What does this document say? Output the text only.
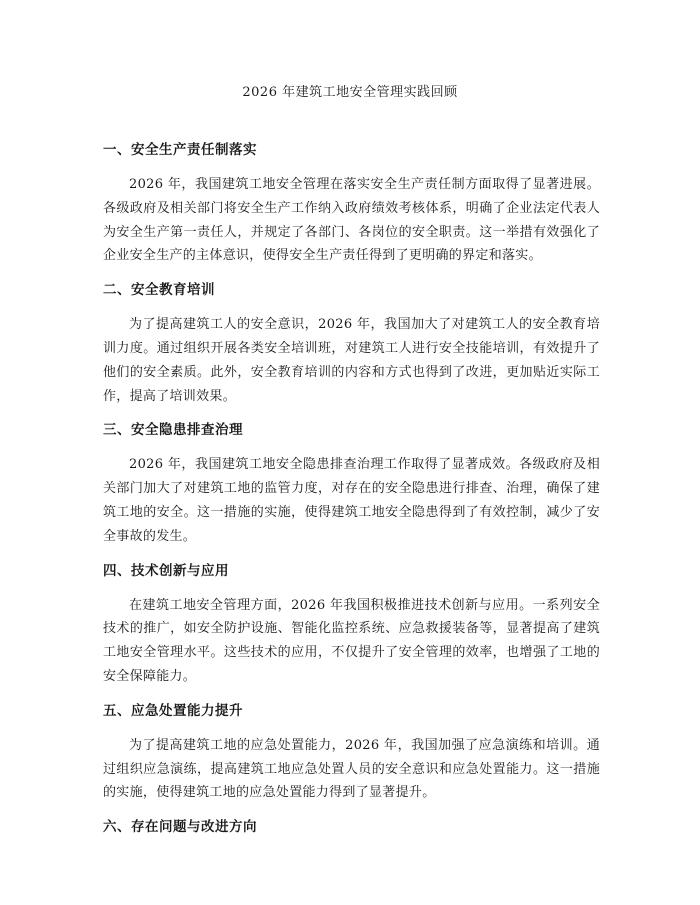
2026 年建筑工地安全管理实践回顾
一、安全生产责任制落实

2026 年，我国建筑工地安全管理在落实安全生产责任制方面取得了显著进展。各级政府及相关部门将安全生产工作纳入政府绩效考核体系，明确了企业法定代表人为安全生产第一责任人，并规定了各部门、各岗位的安全职责。这一举措有效强化了企业安全生产的主体意识，使得安全生产责任得到了更明确的界定和落实。

二、安全教育培训

为了提高建筑工人的安全意识，2026 年，我国加大了对建筑工人的安全教育培训力度。通过组织开展各类安全培训班，对建筑工人进行安全技能培训，有效提升了他们的安全素质。此外，安全教育培训的内容和方式也得到了改进，更加贴近实际工作，提高了培训效果。

三、安全隐患排查治理

2026 年，我国建筑工地安全隐患排查治理工作取得了显著成效。各级政府及相关部门加大了对建筑工地的监管力度，对存在的安全隐患进行排查、治理，确保了建筑工地的安全。这一措施的实施，使得建筑工地安全隐患得到了有效控制，减少了安全事故的发生。

四、技术创新与应用

在建筑工地安全管理方面，2026 年我国积极推进技术创新与应用。一系列安全技术的推广，如安全防护设施、智能化监控系统、应急救援装备等，显著提高了建筑工地安全管理水平。这些技术的应用，不仅提升了安全管理的效率，也增强了工地的安全保障能力。

五、应急处置能力提升

为了提高建筑工地的应急处置能力，2026 年，我国加强了应急演练和培训。通过组织应急演练，提高建筑工地应急处置人员的安全意识和应急处置能力。这一措施的实施，使得建筑工地的应急处置能力得到了显著提升。

六、存在问题与改进方向
